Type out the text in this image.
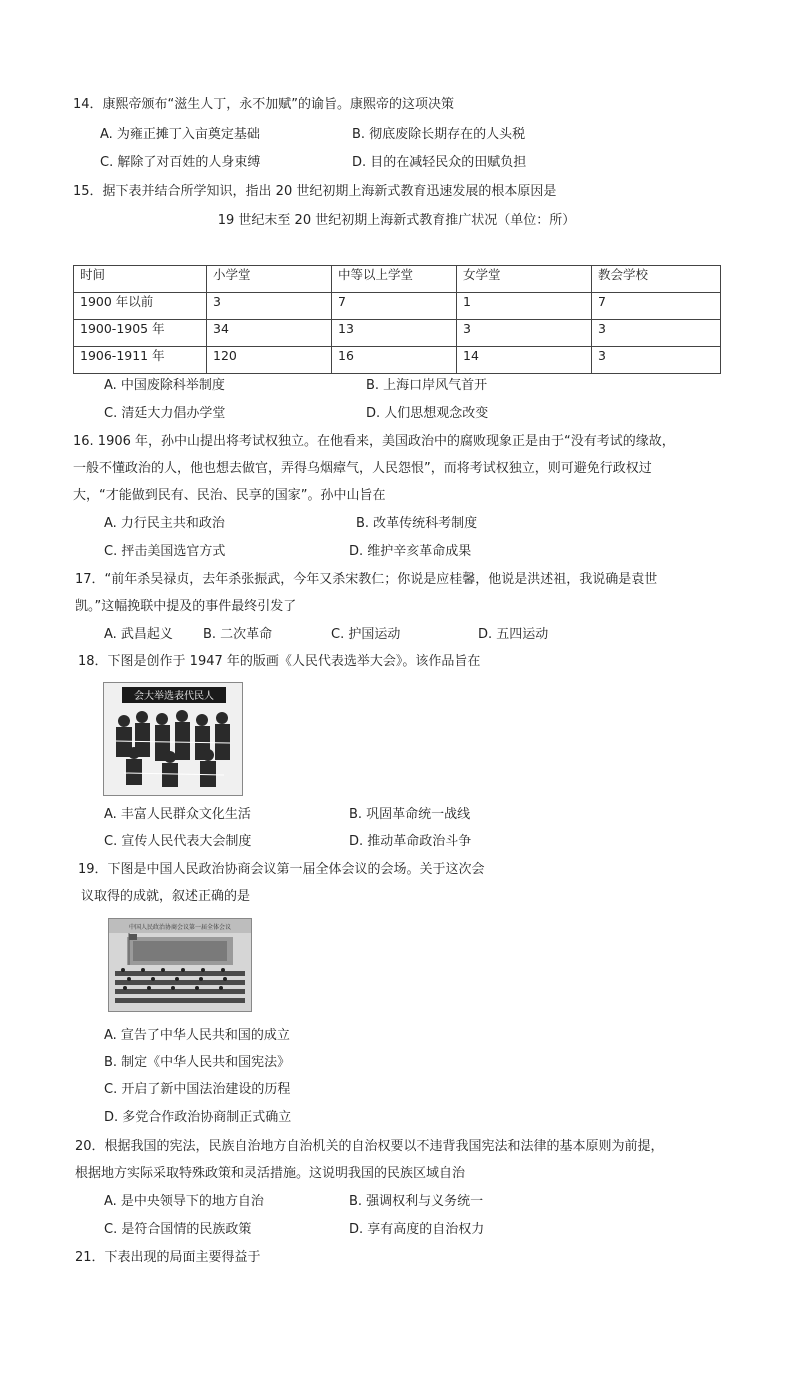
14．康熙帝颁布“滋生人丁，永不加赋”的谕旨。康熙帝的这项决策
A. 为雍正摊丁入亩奠定基础	B. 彻底废除长期存在的人头税
C. 解除了对百姓的人身束缚	D. 目的在减轻民众的田赋负担
15．据下表并结合所学知识，指出 20 世纪初期上海新式教育迅速发展的根本原因是
19 世纪末至 20 世纪初期上海新式教育推广状况（单位：所）
时间	小学堂	中等以上学堂	女学堂	教会学校
1900 年以前	3	7	1	7
1900-1905 年	34	13	3	3
1906-1911 年	120	16	14	3
A. 中国废除科举制度	B. 上海口岸风气首开
C. 清廷大力倡办学堂	D. 人们思想观念改变
16. 1906 年，孙中山提出将考试权独立。在他看来，美国政治中的腐败现象正是由于“没有考试的缘故，
一般不懂政治的人，他也想去做官，弄得乌烟瘴气，人民怨恨”，而将考试权独立，则可避免行政权过
大，“才能做到民有、民治、民享的国家”。孙中山旨在
A. 力行民主共和政治	B. 改革传统科考制度
C. 抨击美国选官方式	D. 维护辛亥革命成果
17．“前年杀吴禄贞，去年杀张振武，今年又杀宋教仁；你说是应桂馨，他说是洪述祖，我说确是袁世
凯。”这幅挽联中提及的事件最终引发了
A. 武昌起义 B. 二次革命	C. 护国运动	D. 五四运动
18．下图是创作于 1947 年的版画《人民代表选举大会》。该作品旨在
会大举选表代民人
A. 丰富人民群众文化生活	B. 巩固革命统一战线
C. 宣传人民代表大会制度	D. 推动革命政治斗争
19．下图是中国人民政治协商会议第一届全体会议的会场。关于这次会
议取得的成就，叙述正确的是
中国人民政治协商会议第一届全体会议
A. 宣告了中华人民共和国的成立
B. 制定《中华人民共和国宪法》
C. 开启了新中国法治建设的历程
D. 多党合作政治协商制正式确立
20．根据我国的宪法，民族自治地方自治机关的自治权要以不违背我国宪法和法律的基本原则为前提，
根据地方实际采取特殊政策和灵活措施。这说明我国的民族区域自治
A. 是中央领导下的地方自治	B. 强调权利与义务统一
C. 是符合国情的民族政策	D. 享有高度的自治权力
21．下表出现的局面主要得益于
